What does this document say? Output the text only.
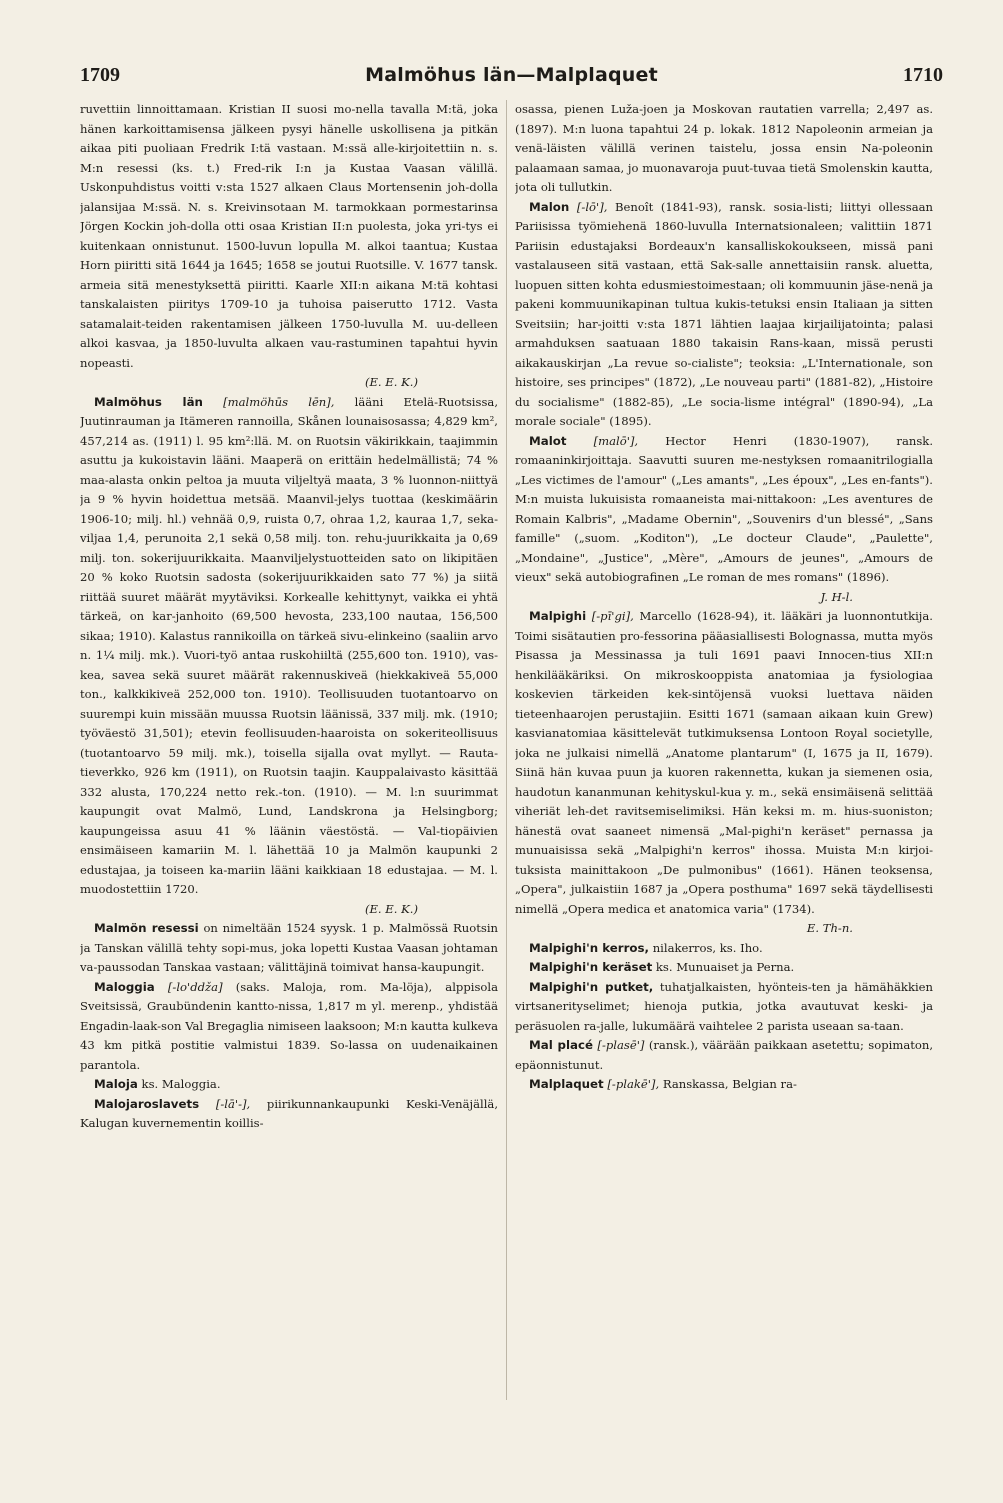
1709	Malmöhus län—Malplaquet	1710

ruvettiin linnoittamaan. Kristian II suosi mo-nella tavalla M:tä, joka hänen karkoittamisensa jälkeen pysyi hänelle uskollisena ja pitkän aikaa piti puoliaan Fredrik I:tä vastaan. M:ssä alle-kirjoitettiin n. s. M:n resessi (ks. t.) Fred-rik I:n ja Kustaa Vaasan välillä. Uskonpuhdistus voitti v:sta 1527 alkaen Claus Mortensenin joh-dolla jalansijaa M:ssä. N. s. Kreivinsotaan M. tarmokkaan pormestarinsa Jörgen Kockin joh-dolla otti osaa Kristian II:n puolesta, joka yri-tys ei kuitenkaan onnistunut. 1500-luvun lopulla M. alkoi taantua; Kustaa Horn piiritti sitä 1644 ja 1645; 1658 se joutui Ruotsille. V. 1677 tansk. armeia sitä menestyksettä piiritti. Kaarle XII:n aikana M:tä kohtasi tanskalaisten piiritys 1709-10 ja tuhoisa paiserutto 1712. Vasta satamalait-teiden rakentamisen jälkeen 1750-luvulla M. uu-delleen alkoi kasvaa, ja 1850-luvulta alkaen vau-rastuminen tapahtui hyvin nopeasti.
(E. E. K.)

Malmöhus län [malmöhūs lēn], lääni Etelä-Ruotsissa, Juutinrauman ja Itämeren rannoilla, Skånen lounaisosassa; 4,829 km², 457,214 as. (1911) l. 95 km²:llä. M. on Ruotsin väkirikkain, taajimmin asuttu ja kukoistavin lääni. Maaperä on erittäin hedelmällistä; 74 % maa-alasta onkin peltoa ja muuta viljeltyä maata, 3 % luonnon-niittyä ja 9 % hyvin hoidettua metsää. Maanvil-jelys tuottaa (keskimäärin 1906-10; milj. hl.) vehnää 0,9, ruista 0,7, ohraa 1,2, kauraa 1,7, seka-viljaa 1,4, perunoita 2,1 sekä 0,58 milj. ton. rehu-juurikkaita ja 0,69 milj. ton. sokerijuurikkaita. Maanviljelystuotteiden sato on likipitäen 20 % koko Ruotsin sadosta (sokerijuurikkaiden sato 77 %) ja siitä riittää suuret määrät myytäviksi. Korkealle kehittynyt, vaikka ei yhtä tärkeä, on kar-janhoito (69,500 hevosta, 233,100 nautaa, 156,500 sikaa; 1910). Kalastus rannikoilla on tärkeä sivu-elinkeino (saaliin arvo n. 1¼ milj. mk.). Vuori-työ antaa ruskohiiltä (255,600 ton. 1910), vas-kea, savea sekä suuret määrät rakennuskiveä (hiekkakiveä 55,000 ton., kalkkikiveä 252,000 ton. 1910). Teollisuuden tuotantoarvo on suurempi kuin missään muussa Ruotsin läänissä, 337 milj. mk. (1910; työväestö 31,501); etevin feollisuuden-haaroista on sokeriteollisuus (tuotantoarvo 59 milj. mk.), toisella sijalla ovat myllyt. — Rauta-tieverkko, 926 km (1911), on Ruotsin taajin. Kauppalaivasto käsittää 332 alusta, 170,224 netto rek.-ton. (1910). — M. l:n suurimmat kaupungit ovat Malmö, Lund, Landskrona ja Helsingborg; kaupungeissa asuu 41 % läänin väestöstä. — Val-tiopäivien ensimäiseen kamariin M. l. lähettää 10 ja Malmön kaupunki 2 edustajaa, ja toiseen ka-mariin lääni kaikkiaan 18 edustajaa. — M. l. muodostettiin 1720.
(E. E. K.)

Malmön resessi on nimeltään 1524 syysk. 1 p. Malmössä Ruotsin ja Tanskan välillä tehty sopi-mus, joka lopetti Kustaa Vaasan johtaman va-paussodan Tanskaa vastaan; välittäjinä toimivat hansa-kaupungit.

Maloggia [-lo'ddža] (saks. Maloja, rom. Ma-löja), alppisola Sveitsissä, Graubündenin kantto-nissa, 1,817 m yl. merenp., yhdistää Engadin-laak-son Val Bregaglia nimiseen laaksoon; M:n kautta kulkeva 43 km pitkä postitie valmistui 1839. So-lassa on uudenaikainen parantola.

Maloja ks. Maloggia.

Malojaroslavets [-lā'-], piirikunnankaupunki Keski-Venäjällä, Kalugan kuvernementin koillis-

osassa, pienen Luža-joen ja Moskovan rautatien varrella; 2,497 as. (1897). M:n luona tapahtui 24 p. lokak. 1812 Napoleonin armeian ja venä-läisten välillä verinen taistelu, jossa ensin Na-poleonin palaamaan samaa, jo muonavaroja puut-tuvaa tietä Smolenskin kautta, jota oli tullutkin.

Malon [-lō'], Benoît (1841-93), ransk. sosia-listi; liittyi ollessaan Pariisissa työmiehenä 1860-luvulla Internatsionaleen; valittiin 1871 Pariisin edustajaksi Bordeaux'n kansalliskokoukseen, missä pani vastalauseen sitä vastaan, että Sak-salle annettaisiin ransk. aluetta, luopuen sitten kohta edusmiestoimestaan; oli kommuunin jäse-nenä ja pakeni kommuunikapinan tultua kukis-tetuksi ensin Italiaan ja sitten Sveitsiin; har-joitti v:sta 1871 lähtien laajaa kirjailijatointa; palasi armahduksen saatuaan 1880 takaisin Rans-kaan, missä perusti aikakauskirjan „La revue so-cialiste"; teoksia: „L'Internationale, son histoire, ses principes" (1872), „Le nouveau parti" (1881-82), „Histoire du socialisme" (1882-85), „Le socia-lisme intégral" (1890-94), „La morale sociale" (1895).

Malot [malō'], Hector Henri (1830-1907), ransk. romaaninkirjoittaja. Saavutti suuren me-nestyksen romaanitrilogialla „Les victimes de l'amour" („Les amants", „Les époux", „Les en-fants"). M:n muista lukuisista romaaneista mai-nittakoon: „Les aventures de Romain Kalbris", „Madame Obernin", „Souvenirs d'un blessé", „Sans famille" („suom. „Koditon"), „Le docteur Claude", „Paulette", „Mondaine", „Justice", „Mère", „Amours de jeunes", „Amours de vieux" sekä autobiografinen „Le roman de mes romans" (1896).
J. H-l.

Malpighi [-pī'gi], Marcello (1628-94), it. lääkäri ja luonnontutkija. Toimi sisätautien pro-fessorina pääasiallisesti Bolognassa, mutta myös Pisassa ja Messinassa ja tuli 1691 paavi Innocen-tius XII:n henkilääkäriksi. On mikroskooppista anatomiaa ja fysiologiaa koskevien tärkeiden kek-sintöjensä vuoksi luettava näiden tieteenhaarojen perustajiin. Esitti 1671 (samaan aikaan kuin Grew) kasvianatomiaa käsittelevät tutkimuksensa Lontoon Royal societylle, joka ne julkaisi nimellä „Anatome plantarum" (I, 1675 ja II, 1679). Siinä hän kuvaa puun ja kuoren rakennetta, kukan ja siemenen osia, haudotun kananmunan kehityskul-kua y. m., sekä ensimäisenä selittää viheriät leh-det ravitsemiselimiksi. Hän keksi m. m. hius-suoniston; hänestä ovat saaneet nimensä „Mal-pighi'n keräset" pernassa ja munuaisissa sekä „Malpighi'n kerros" ihossa. Muista M:n kirjoi-tuksista mainittakoon „De pulmonibus" (1661). Hänen teoksensa, „Opera", julkaistiin 1687 ja „Opera posthuma" 1697 sekä täydellisesti nimellä „Opera medica et anatomica varia" (1734).
E. Th-n.

Malpighi'n kerros, nilakerros, ks. Iho.

Malpighi'n keräset ks. Munuaiset ja Perna.

Malpighi'n putket, tuhatjalkaisten, hyönteis-ten ja hämähäkkien virtsanerityselimet; hienoja putkia, jotka avautuvat keski- ja peräsuolen ra-jalle, lukumäärä vaihtelee 2 parista useaan sa-taan.

Mal placé [-plasē'] (ransk.), väärään paikkaan asetettu; sopimaton, epäonnistunut.

Malplaquet [-plakē'], Ranskassa, Belgian ra-
